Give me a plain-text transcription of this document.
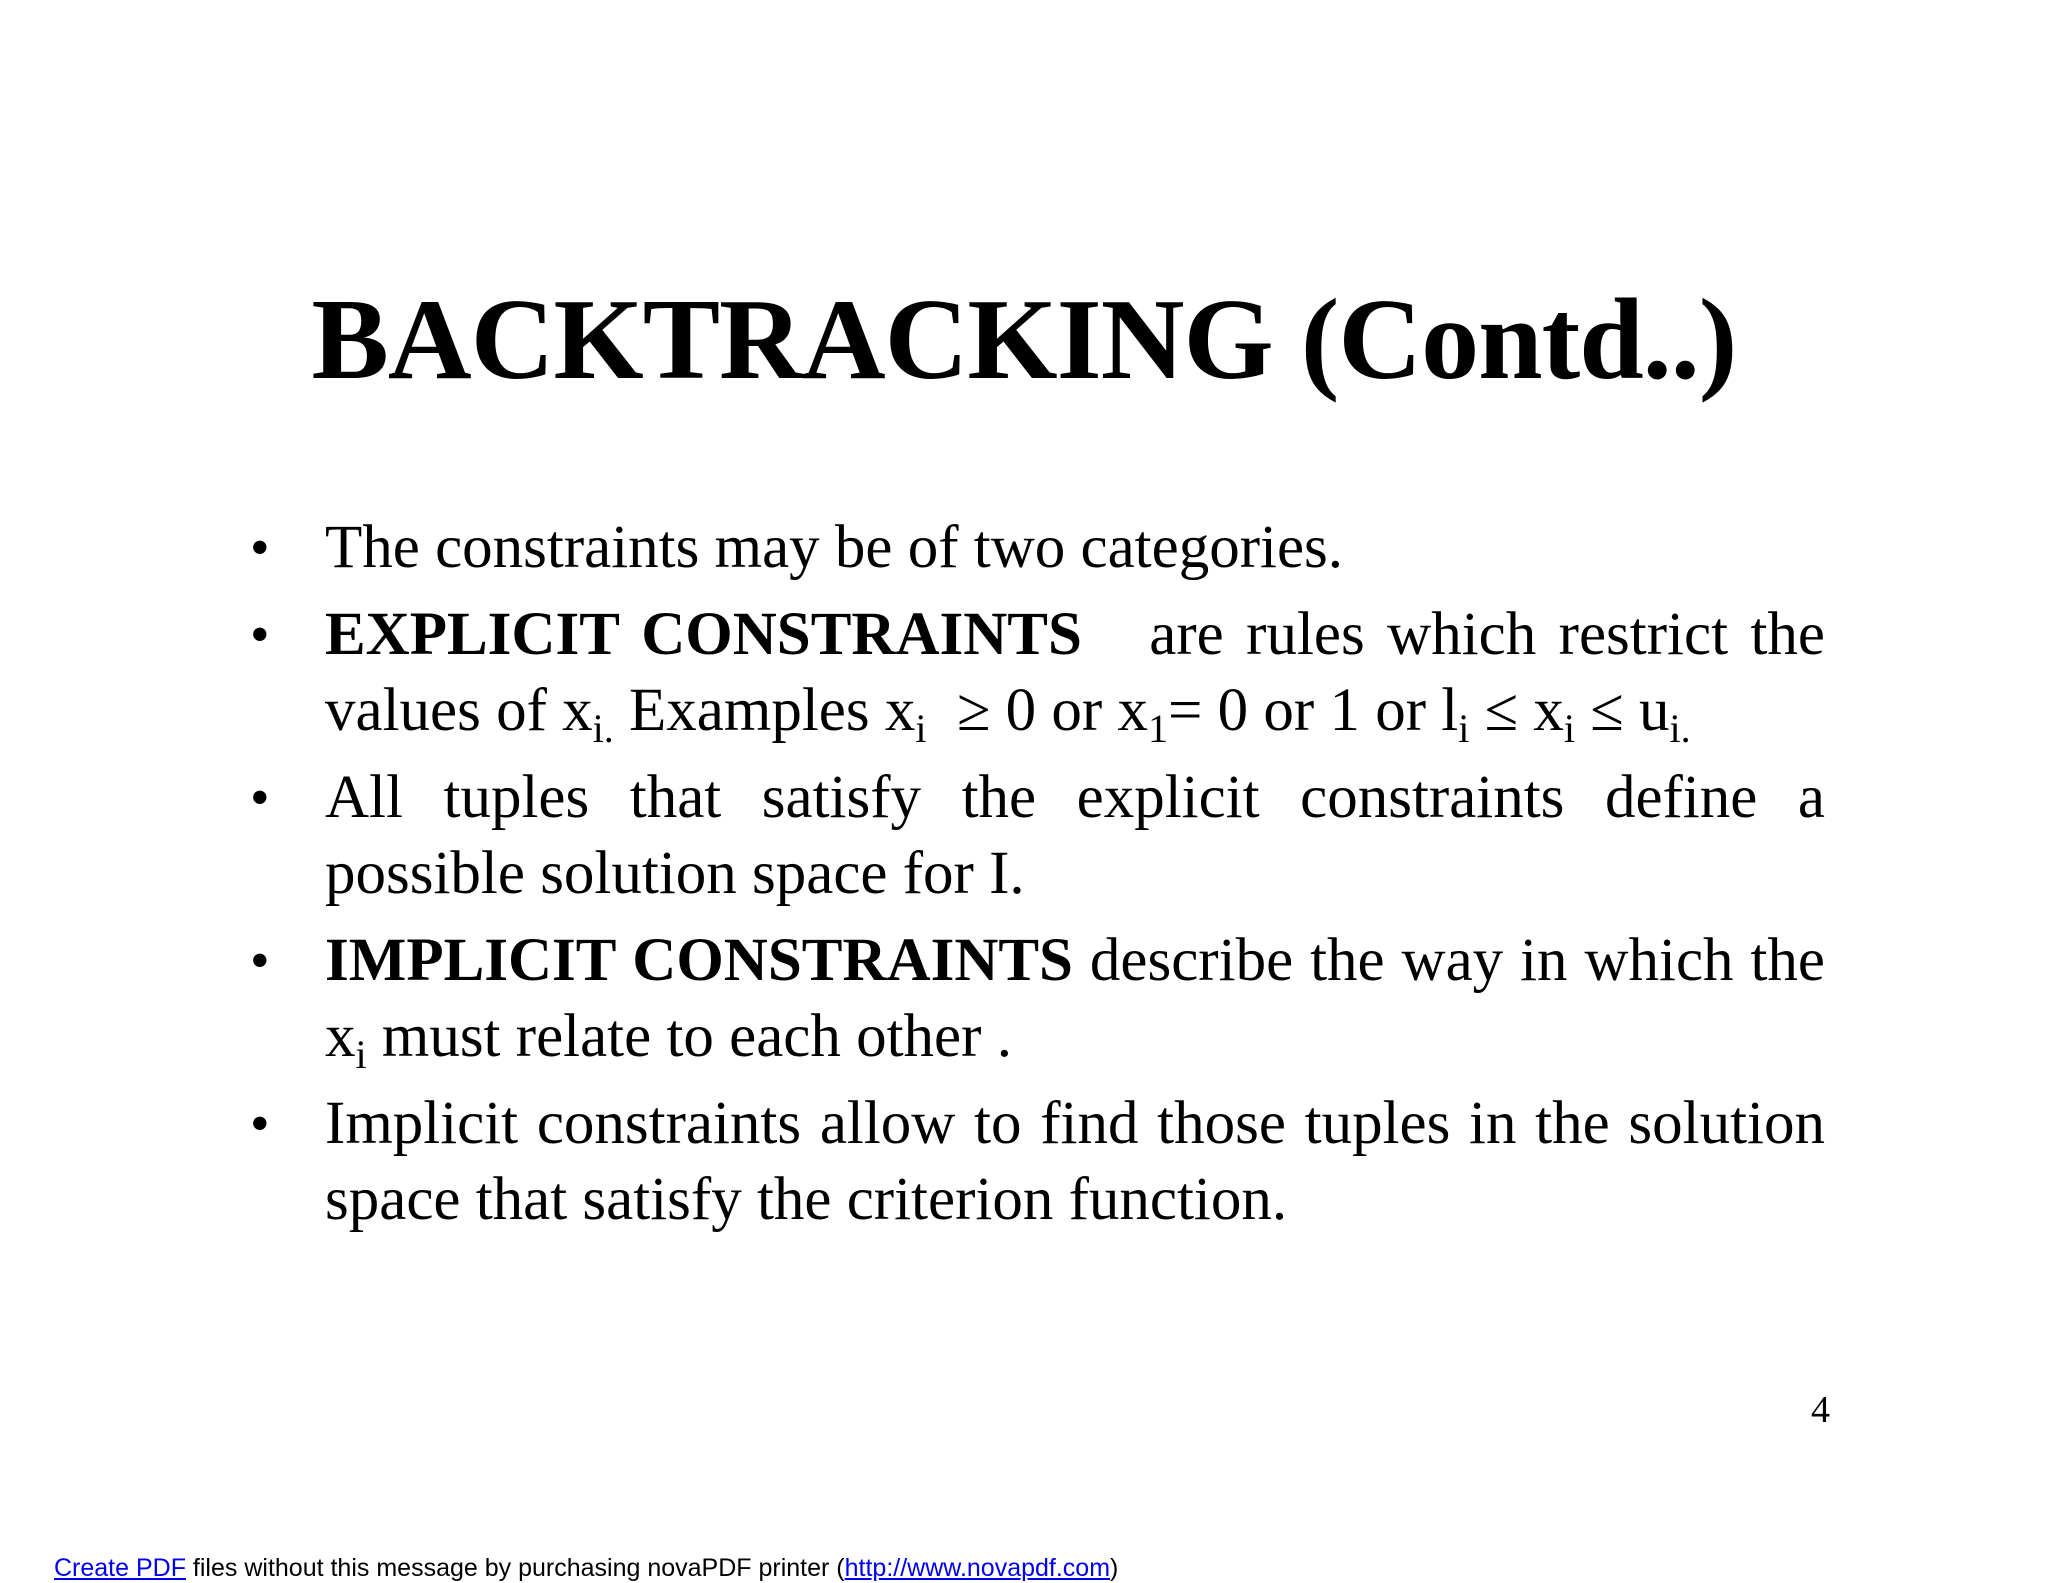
BACKTRACKING (Contd..)
• The constraints may be of two categories.
• EXPLICIT CONSTRAINTS   are rules which restrict the values of $x_{i.}$ Examples $x_i \ge 0$ or $x_1= 0$ or 1 or $l_i \le x_i \le u_{i.}$
• All tuples that satisfy the explicit constraints define a possible solution space for I.
• IMPLICIT CONSTRAINTS describe the way in which the $x_i$ must relate to each other .
• Implicit constraints allow to find those tuples in the solution space that satisfy the criterion function.
4
Create PDF files without this message by purchasing novaPDF printer (http://www.novapdf.com)
